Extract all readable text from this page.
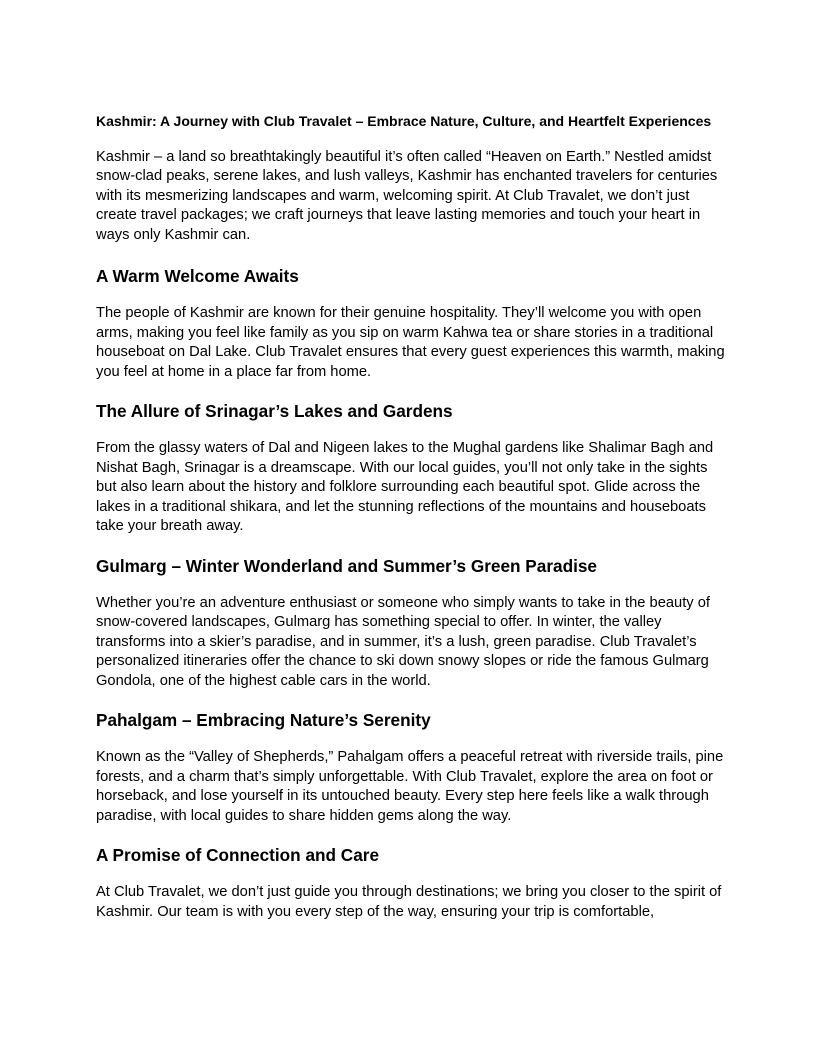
Kashmir: A Journey with Club Travalet – Embrace Nature, Culture, and Heartfelt Experiences

Kashmir – a land so breathtakingly beautiful it’s often called “Heaven on Earth.” Nestled amidst snow-clad peaks, serene lakes, and lush valleys, Kashmir has enchanted travelers for centuries with its mesmerizing landscapes and warm, welcoming spirit. At Club Travalet, we don’t just create travel packages; we craft journeys that leave lasting memories and touch your heart in ways only Kashmir can.

A Warm Welcome Awaits

The people of Kashmir are known for their genuine hospitality. They’ll welcome you with open arms, making you feel like family as you sip on warm Kahwa tea or share stories in a traditional houseboat on Dal Lake. Club Travalet ensures that every guest experiences this warmth, making you feel at home in a place far from home.

The Allure of Srinagar’s Lakes and Gardens

From the glassy waters of Dal and Nigeen lakes to the Mughal gardens like Shalimar Bagh and Nishat Bagh, Srinagar is a dreamscape. With our local guides, you’ll not only take in the sights but also learn about the history and folklore surrounding each beautiful spot. Glide across the lakes in a traditional shikara, and let the stunning reflections of the mountains and houseboats take your breath away.

Gulmarg – Winter Wonderland and Summer’s Green Paradise

Whether you’re an adventure enthusiast or someone who simply wants to take in the beauty of snow-covered landscapes, Gulmarg has something special to offer. In winter, the valley transforms into a skier’s paradise, and in summer, it’s a lush, green paradise. Club Travalet’s personalized itineraries offer the chance to ski down snowy slopes or ride the famous Gulmarg Gondola, one of the highest cable cars in the world.

Pahalgam – Embracing Nature’s Serenity

Known as the “Valley of Shepherds,” Pahalgam offers a peaceful retreat with riverside trails, pine forests, and a charm that’s simply unforgettable. With Club Travalet, explore the area on foot or horseback, and lose yourself in its untouched beauty. Every step here feels like a walk through paradise, with local guides to share hidden gems along the way.

A Promise of Connection and Care

At Club Travalet, we don’t just guide you through destinations; we bring you closer to the spirit of Kashmir. Our team is with you every step of the way, ensuring your trip is comfortable,
